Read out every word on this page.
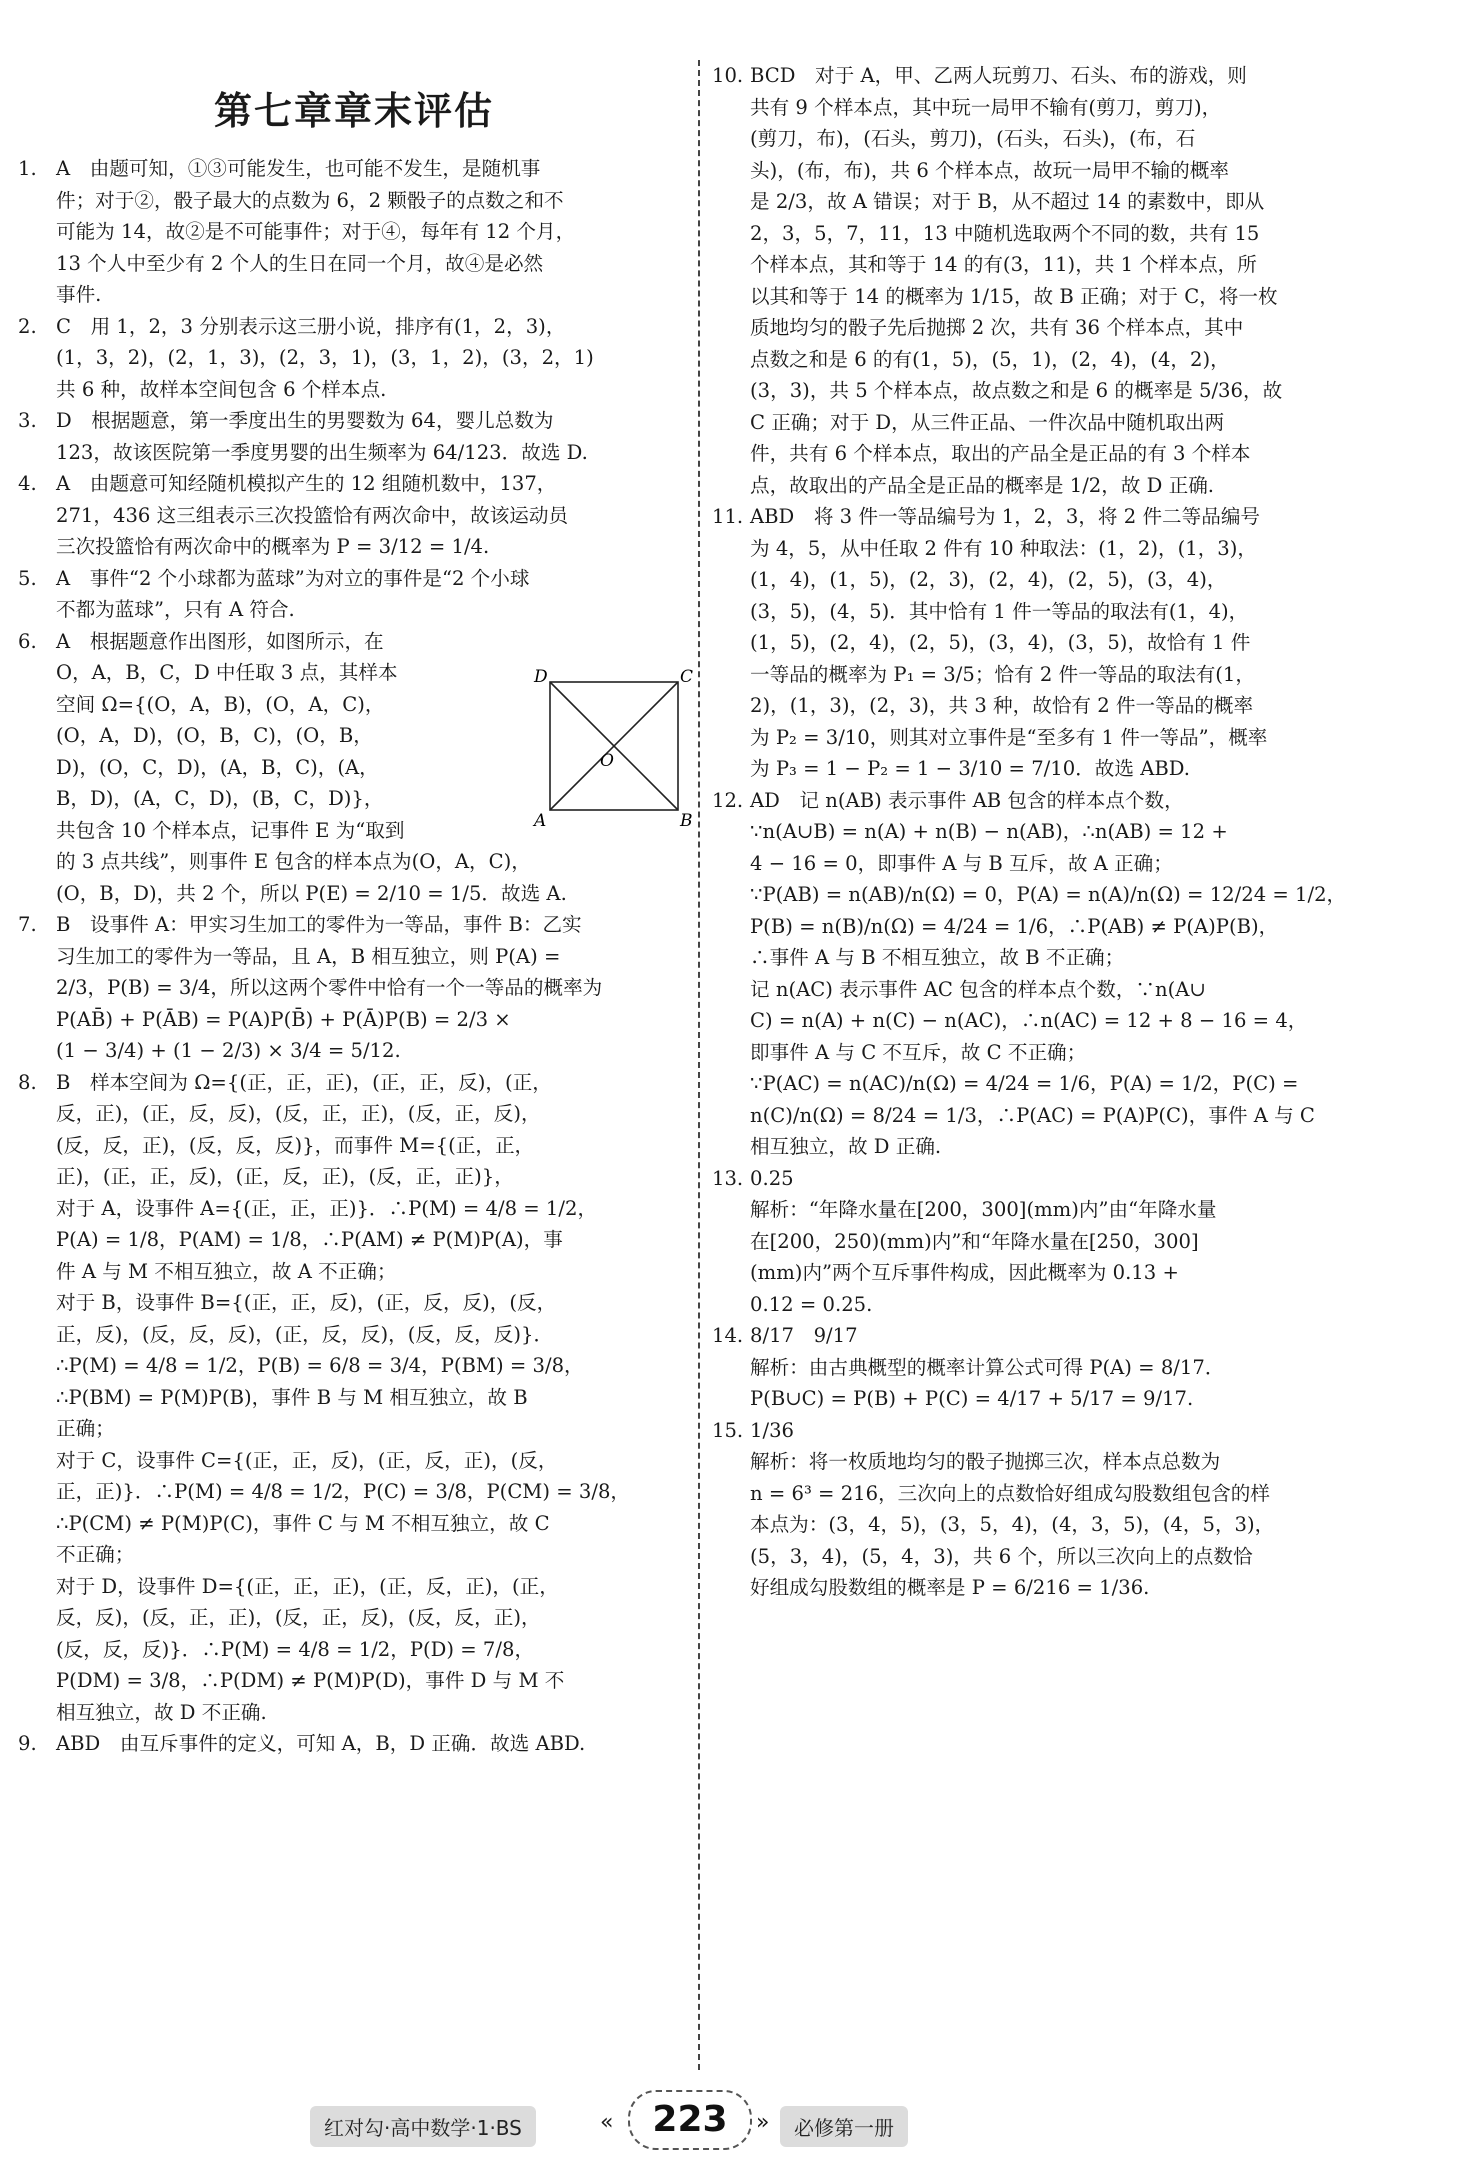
第七章章末评估
1. A　由题可知，①③可能发生，也可能不发生，是随机事
件；对于②，骰子最大的点数为 6，2 颗骰子的点数之和不
可能为 14，故②是不可能事件；对于④，每年有 12 个月，
13 个人中至少有 2 个人的生日在同一个月，故④是必然
事件.
2. C　用 1，2，3 分别表示这三册小说，排序有(1，2，3)，
(1，3，2)，(2，1，3)，(2，3，1)，(3，1，2)，(3，2，1)
共 6 种，故样本空间包含 6 个样本点.
3. D　根据题意，第一季度出生的男婴数为 64，婴儿总数为
123，故该医院第一季度男婴的出生频率为 64/123．故选 D.
4. A　由题意可知经随机模拟产生的 12 组随机数中，137，
271，436 这三组表示三次投篮恰有两次命中，故该运动员
三次投篮恰有两次命中的概率为 P = 3/12 = 1/4.
5. A　事件“2 个小球都为蓝球”为对立的事件是“2 个小球
不都为蓝球”，只有 A 符合.
6. A　根据题意作出图形，如图所示，在
O，A，B，C，D 中任取 3 点，其样本
空间 Ω={(O，A，B)，(O，A，C)，
(O，A，D)，(O，B，C)，(O，B，
D)，(O，C，D)，(A，B，C)，(A，
B，D)，(A，C，D)，(B，C，D)}，
共包含 10 个样本点，记事件 E 为“取到
的 3 点共线”，则事件 E 包含的样本点为(O，A，C)，
(O，B，D)，共 2 个，所以 P(E) = 2/10 = 1/5．故选 A.
7. B　设事件 A：甲实习生加工的零件为一等品，事件 B：乙实
习生加工的零件为一等品，且 A，B 相互独立，则 P(A) =
2/3，P(B) = 3/4，所以这两个零件中恰有一个一等品的概率为
P(AB̄) + P(ĀB) = P(A)P(B̄) + P(Ā)P(B) = 2/3 ×
(1 − 3/4) + (1 − 2/3) × 3/4 = 5/12.
8. B　样本空间为 Ω={(正，正，正)，(正，正，反)，(正，
反，正)，(正，反，反)，(反，正，正)，(反，正，反)，
(反，反，正)，(反，反，反)}，而事件 M={(正，正，
正)，(正，正，反)，(正，反，正)，(反，正，正)}，
对于 A，设事件 A={(正，正，正)}．∴P(M) = 4/8 = 1/2，
P(A) = 1/8，P(AM) = 1/8，∴P(AM) ≠ P(M)P(A)，事
件 A 与 M 不相互独立，故 A 不正确；
对于 B，设事件 B={(正，正，反)，(正，反，反)，(反，
正，反)，(反，反，反)，(正，反，反)，(反，反，反)}．
∴P(M) = 4/8 = 1/2，P(B) = 6/8 = 3/4，P(BM) = 3/8，
∴P(BM) = P(M)P(B)，事件 B 与 M 相互独立，故 B
正确；
对于 C，设事件 C={(正，正，反)，(正，反，正)，(反，
正，正)}．∴P(M) = 4/8 = 1/2，P(C) = 3/8，P(CM) = 3/8，
∴P(CM) ≠ P(M)P(C)，事件 C 与 M 不相互独立，故 C
不正确；
对于 D，设事件 D={(正，正，正)，(正，反，正)，(正，
反，反)，(反，正，正)，(反，正，反)，(反，反，正)，
(反，反，反)}．∴P(M) = 4/8 = 1/2，P(D) = 7/8，
P(DM) = 3/8，∴P(DM) ≠ P(M)P(D)，事件 D 与 M 不
相互独立，故 D 不正确.
9. ABD　由互斥事件的定义，可知 A，B，D 正确．故选 ABD.
10. BCD　对于 A，甲、乙两人玩剪刀、石头、布的游戏，则
共有 9 个样本点，其中玩一局甲不输有(剪刀，剪刀)，
(剪刀，布)，(石头，剪刀)，(石头，石头)，(布，石
头)，(布，布)，共 6 个样本点，故玩一局甲不输的概率
是 2/3，故 A 错误；对于 B，从不超过 14 的素数中，即从
2，3，5，7，11，13 中随机选取两个不同的数，共有 15
个样本点，其和等于 14 的有(3，11)，共 1 个样本点，所
以其和等于 14 的概率为 1/15，故 B 正确；对于 C，将一枚
质地均匀的骰子先后抛掷 2 次，共有 36 个样本点，其中
点数之和是 6 的有(1，5)，(5，1)，(2，4)，(4，2)，
(3，3)，共 5 个样本点，故点数之和是 6 的概率是 5/36，故
C 正确；对于 D，从三件正品、一件次品中随机取出两
件，共有 6 个样本点，取出的产品全是正品的有 3 个样本
点，故取出的产品全是正品的概率是 1/2，故 D 正确.
11. ABD　将 3 件一等品编号为 1，2，3，将 2 件二等品编号
为 4，5，从中任取 2 件有 10 种取法：(1，2)，(1，3)，
(1，4)，(1，5)，(2，3)，(2，4)，(2，5)，(3，4)，
(3，5)，(4，5)．其中恰有 1 件一等品的取法有(1，4)，
(1，5)，(2，4)，(2，5)，(3，4)，(3，5)，故恰有 1 件
一等品的概率为 P₁ = 3/5；恰有 2 件一等品的取法有(1，
2)，(1，3)，(2，3)，共 3 种，故恰有 2 件一等品的概率
为 P₂ = 3/10，则其对立事件是“至多有 1 件一等品”，概率
为 P₃ = 1 − P₂ = 1 − 3/10 = 7/10．故选 ABD.
12. AD　记 n(AB) 表示事件 AB 包含的样本点个数，
∵n(A∪B) = n(A) + n(B) − n(AB)，∴n(AB) = 12 +
4 − 16 = 0，即事件 A 与 B 互斥，故 A 正确；
∵P(AB) = n(AB)/n(Ω) = 0，P(A) = n(A)/n(Ω) = 12/24 = 1/2，
P(B) = n(B)/n(Ω) = 4/24 = 1/6，∴P(AB) ≠ P(A)P(B)，
∴事件 A 与 B 不相互独立，故 B 不正确；
记 n(AC) 表示事件 AC 包含的样本点个数，∵n(A∪
C) = n(A) + n(C) − n(AC)，∴n(AC) = 12 + 8 − 16 = 4，
即事件 A 与 C 不互斥，故 C 不正确；
∵P(AC) = n(AC)/n(Ω) = 4/24 = 1/6，P(A) = 1/2，P(C) =
n(C)/n(Ω) = 8/24 = 1/3，∴P(AC) = P(A)P(C)，事件 A 与 C
相互独立，故 D 正确.
13. 0.25
解析：“年降水量在[200，300](mm)内”由“年降水量
在[200，250)(mm)内”和“年降水量在[250，300]
(mm)内”两个互斥事件构成，因此概率为 0.13 +
0.12 = 0.25.
14. 8/17　9/17
解析：由古典概型的概率计算公式可得 P(A) = 8/17．
P(B∪C) = P(B) + P(C) = 4/17 + 5/17 = 9/17.
15. 1/36
解析：将一枚质地均匀的骰子抛掷三次，样本点总数为
n = 6³ = 216，三次向上的点数恰好组成勾股数组包含的样
本点为：(3，4，5)，(3，5，4)，(4，3，5)，(4，5，3)，
(5，3，4)，(5，4，3)，共 6 个，所以三次向上的点数恰
好组成勾股数组的概率是 P = 6/216 = 1/36.
D	C
O
A	B
红对勾·高中数学·1·BS	«	223	»	必修第一册
